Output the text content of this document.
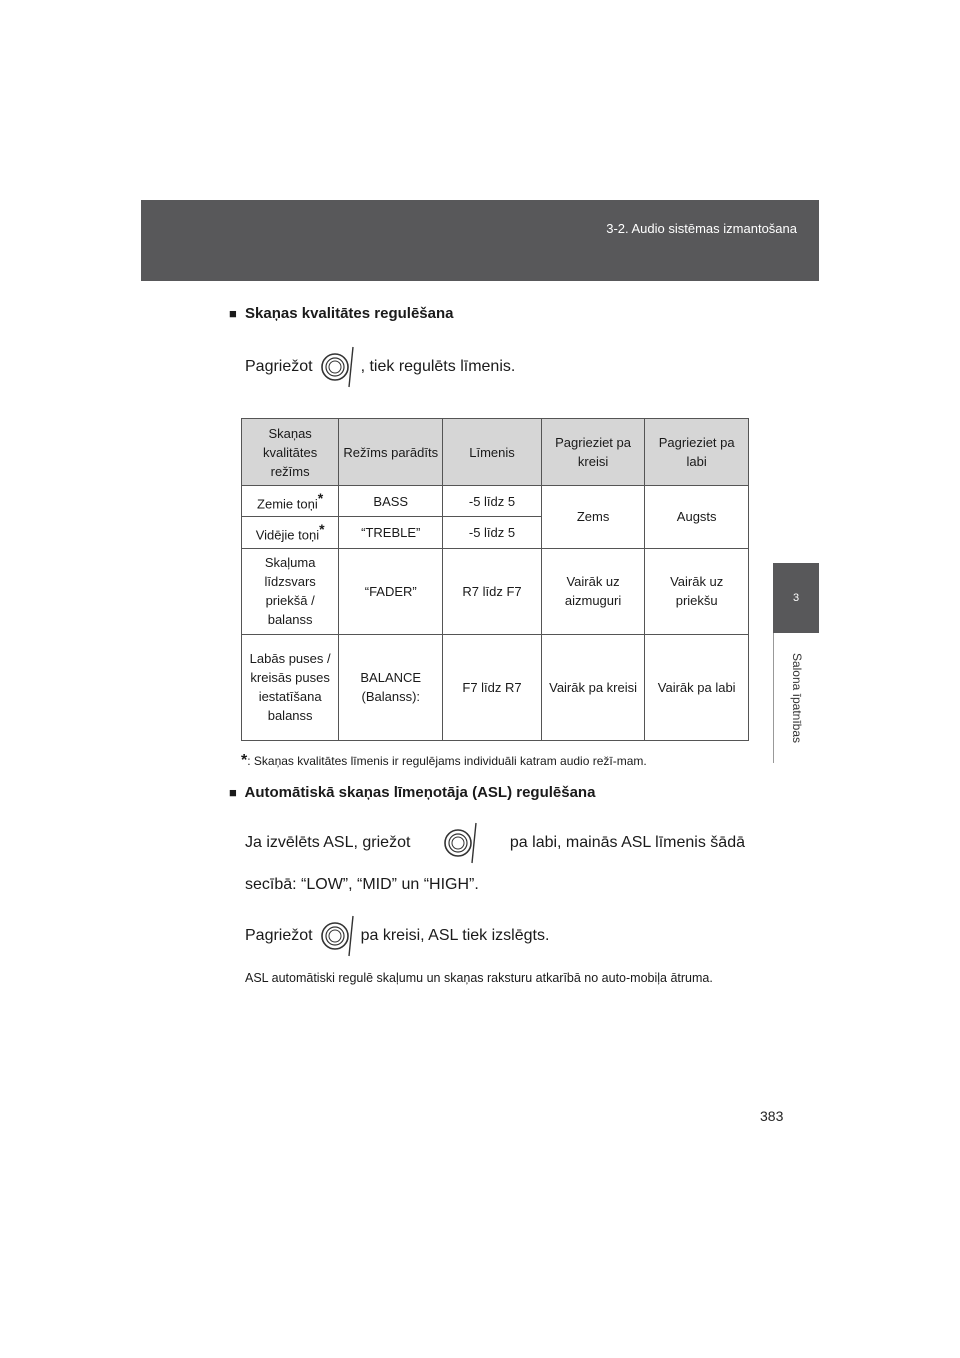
3-2. Audio sistēmas izmantošana
3
Salona īpatnības
■ Skaņas kvalitātes regulēšana
Pagriežot	, tiek regulēts līmenis.
Skaņas kvalitātes režīms	Režīms parādīts	Līmenis	Pagrieziet pa kreisi	Pagrieziet pa labi
Zemie toņi*	BASS	-5 līdz 5	Zems	Augsts
Vidējie toņi*	“TREBLE”	-5 līdz 5		
Skaļuma līdzsvars priekšā / balanss	“FADER”	R7 līdz F7	Vairāk uz aizmuguri	Vairāk uz priekšu
Labās puses / kreisās puses iestatīšana balanss	BALANCE (Balanss):	F7 līdz R7	Vairāk pa kreisi	Vairāk pa labi

*: Skaņas kvalitātes līmenis ir regulējams individuāli katram audio režī-mam.

■ Automātiskā skaņas līmeņotāja (ASL) regulēšana
Ja izvēlēts ASL, griežot	pa labi, mainās ASL līmenis šādā
secībā: “LOW”, “MID” un “HIGH”.
Pagriežot	pa kreisi, ASL tiek izslēgts.

ASL automātiski regulē skaļumu un skaņas raksturu atkarībā no auto-mobiļa ātruma.

383
